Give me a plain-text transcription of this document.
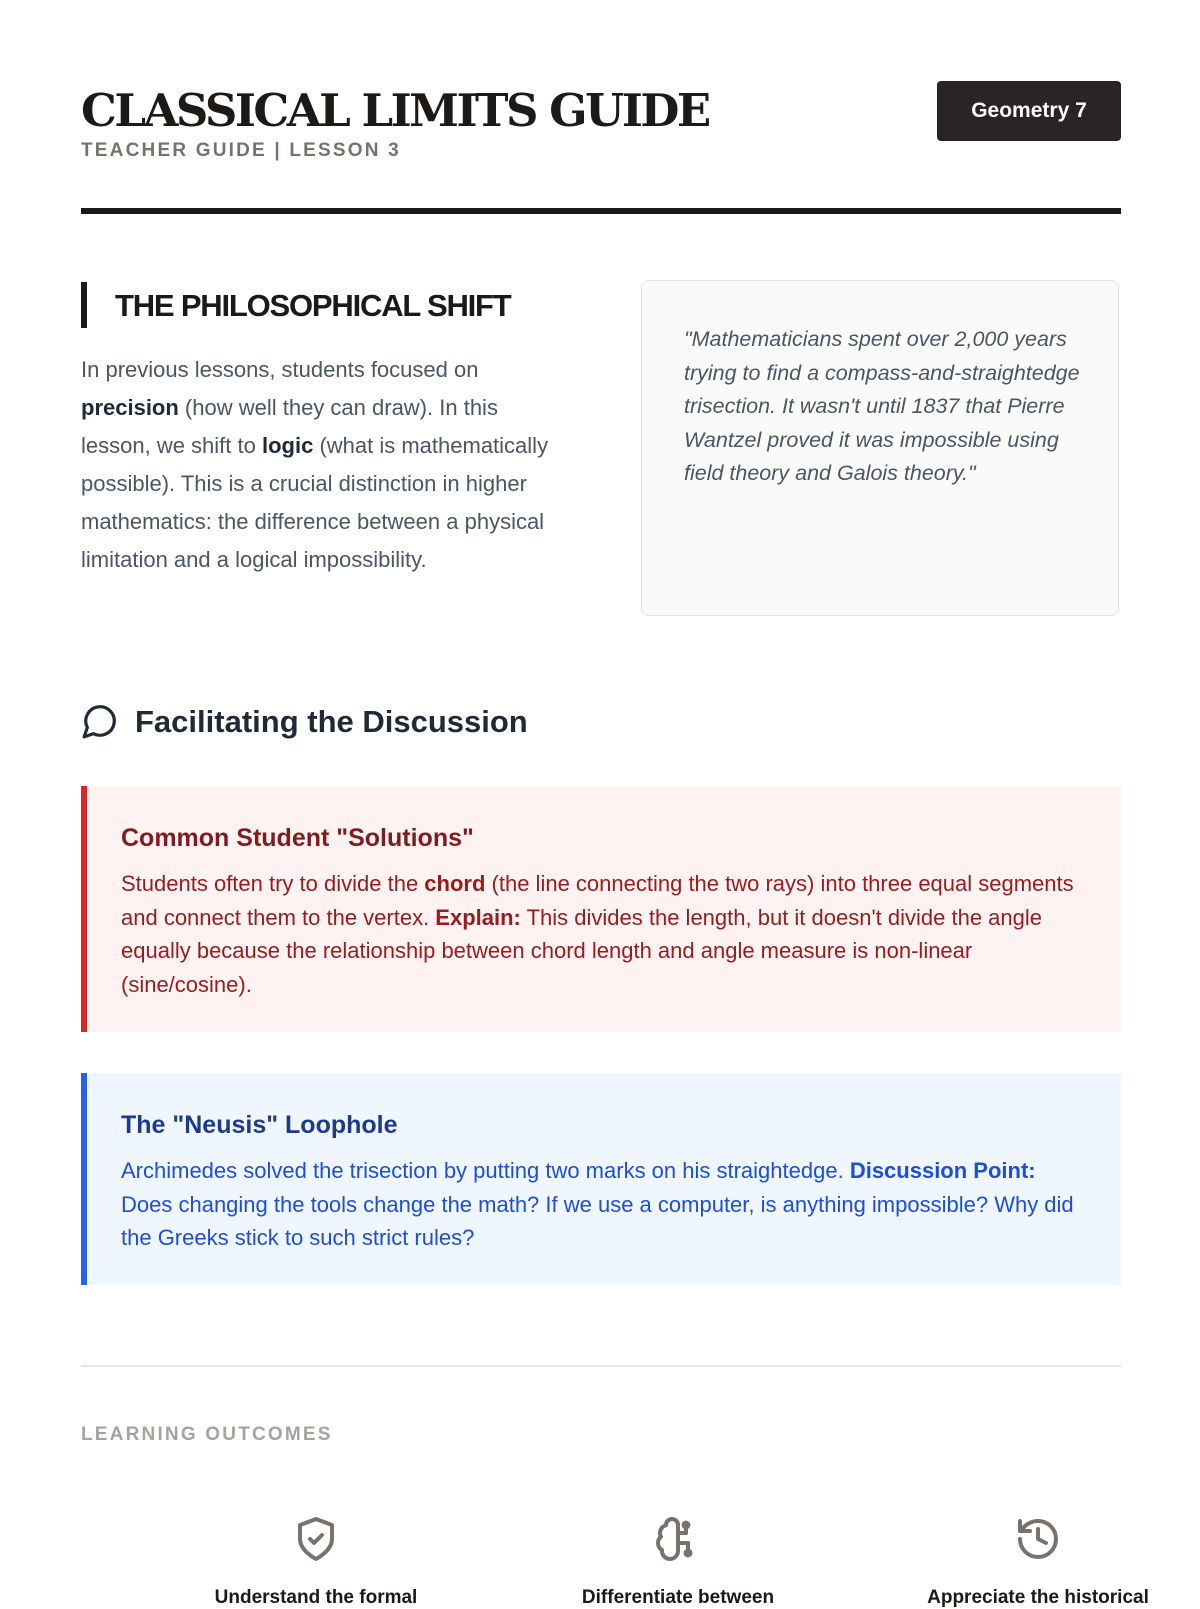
CLASSICAL LIMITS GUIDE
TEACHER GUIDE | LESSON 3
Geometry 7
THE PHILOSOPHICAL SHIFT

In previous lessons, students focused on precision (how well they can draw). In this lesson, we shift to logic (what is mathematically possible). This is a crucial distinction in higher mathematics: the difference between a physical limitation and a logical impossibility.

"Mathematicians spent over 2,000 years trying to find a compass-and-straightedge trisection. It wasn't until 1837 that Pierre Wantzel proved it was impossible using field theory and Galois theory."

Facilitating the Discussion
Common Student "Solutions"

Students often try to divide the chord (the line connecting the two rays) into three equal segments and connect them to the vertex. Explain: This divides the length, but it doesn't divide the angle equally because the relationship between chord length and angle measure is non-linear (sine/cosine).

The "Neusis" Loophole

Archimedes solved the trisection by putting two marks on his straightedge. Discussion Point: Does changing the tools change the math? If we use a computer, is anything impossible? Why did the Greeks stick to such strict rules?

LEARNING OUTCOMES
Understand the formal	Differentiate between	Appreciate the historical
